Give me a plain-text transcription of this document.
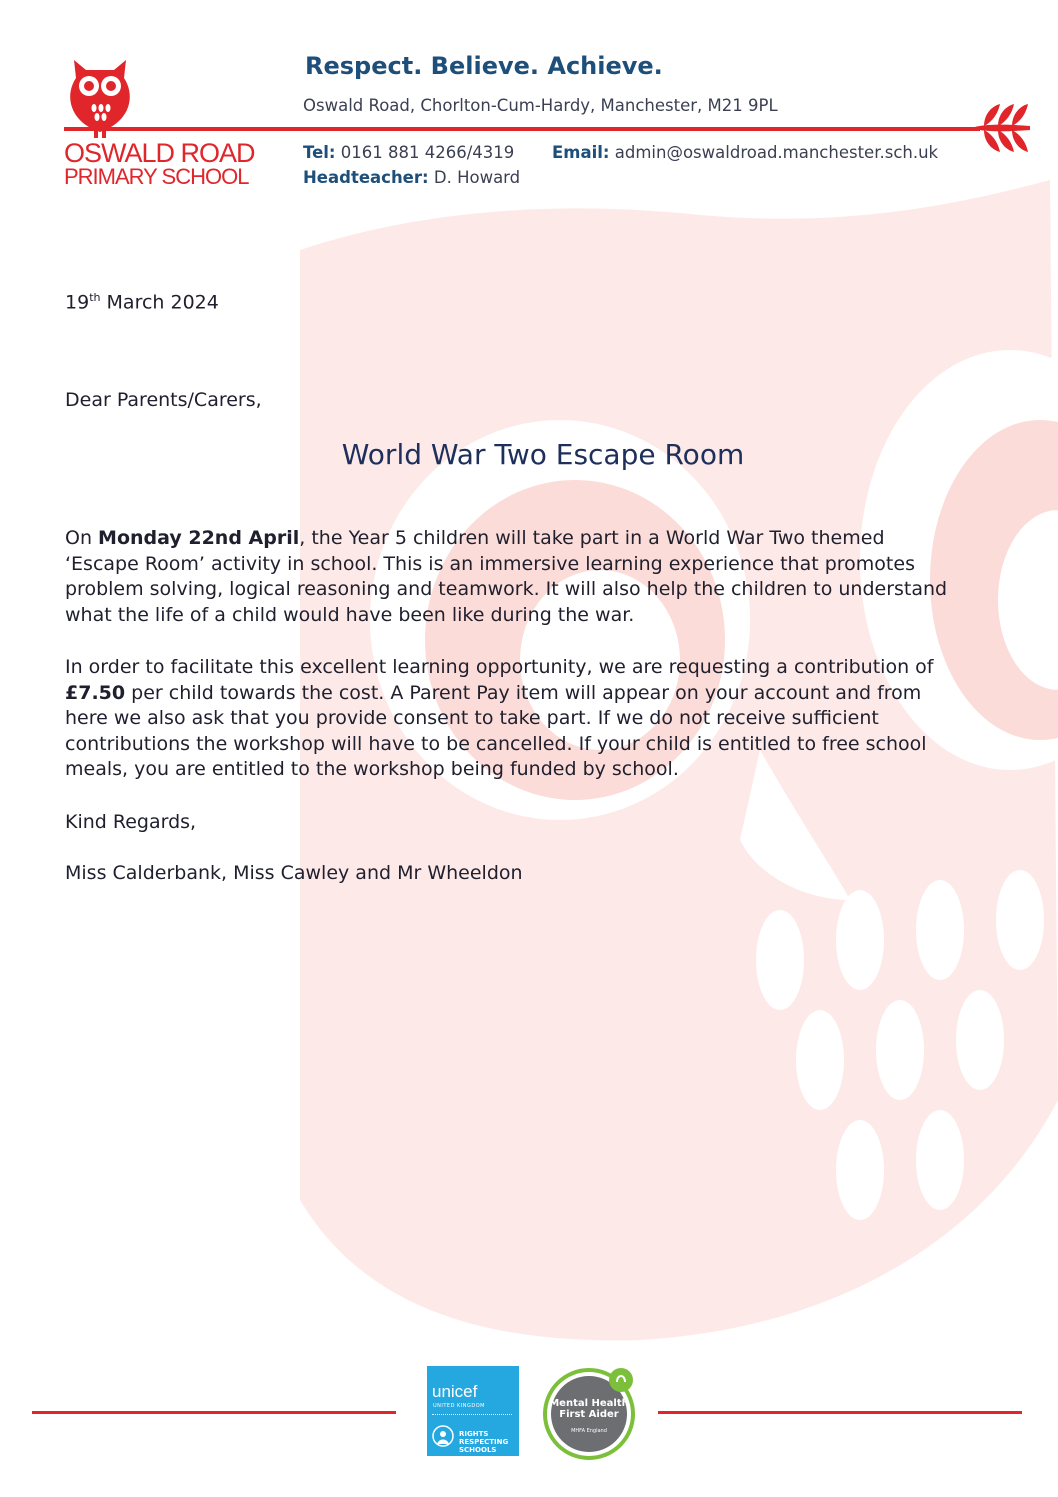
OSWALD ROAD
PRIMARY SCHOOL
Respect. Believe. Achieve.
Oswald Road, Chorlton-Cum-Hardy, Manchester, M21 9PL
Tel: 0161 881 4266/4319 Email: admin@oswaldroad.manchester.sch.uk
Headteacher: D. Howard
19th March 2024
Dear Parents/Carers,
World War Two Escape Room
On Monday 22nd April, the Year 5 children will take part in a World War Two themed ‘Escape Room’ activity in school. This is an immersive learning experience that promotes problem solving, logical reasoning and teamwork. It will also help the children to understand what the life of a child would have been like during the war.
In order to facilitate this excellent learning opportunity, we are requesting a contribution of £7.50 per child towards the cost. A Parent Pay item will appear on your account and from here we also ask that you provide consent to take part. If we do not receive sufficient contributions the workshop will have to be cancelled. If your child is entitled to free school meals, you are entitled to the workshop being funded by school.
Kind Regards,
Miss Calderbank, Miss Cawley and Mr Wheeldon
unicef
UNITED KINGDOM
RIGHTS
RESPECTING
SCHOOLS
Mental Health
First Aider
MHFA England
